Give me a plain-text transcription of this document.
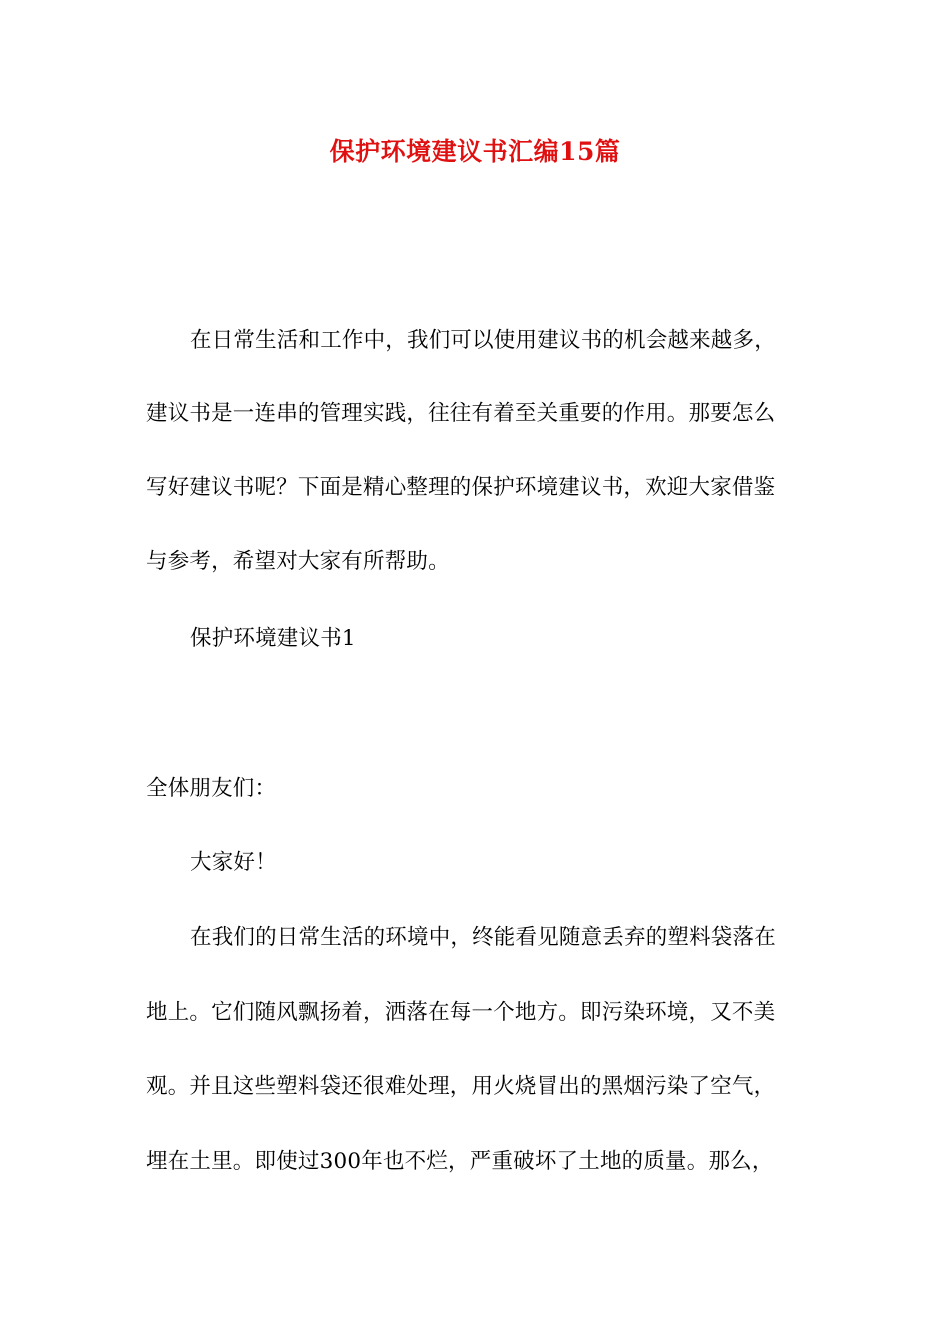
保护环境建议书汇编15篇
在日常生活和工作中，我们可以使用建议书的机会越来越多，
建议书是一连串的管理实践，往往有着至关重要的作用。那要怎么
写好建议书呢？下面是精心整理的保护环境建议书，欢迎大家借鉴
与参考，希望对大家有所帮助。
保护环境建议书1
全体朋友们：
大家好！
在我们的日常生活的环境中，终能看见随意丢弃的塑料袋落在
地上。它们随风飘扬着，洒落在每一个地方。即污染环境，又不美
观。并且这些塑料袋还很难处理，用火烧冒出的黑烟污染了空气，
埋在土里。即使过300年也不烂，严重破坏了土地的质量。那么，
